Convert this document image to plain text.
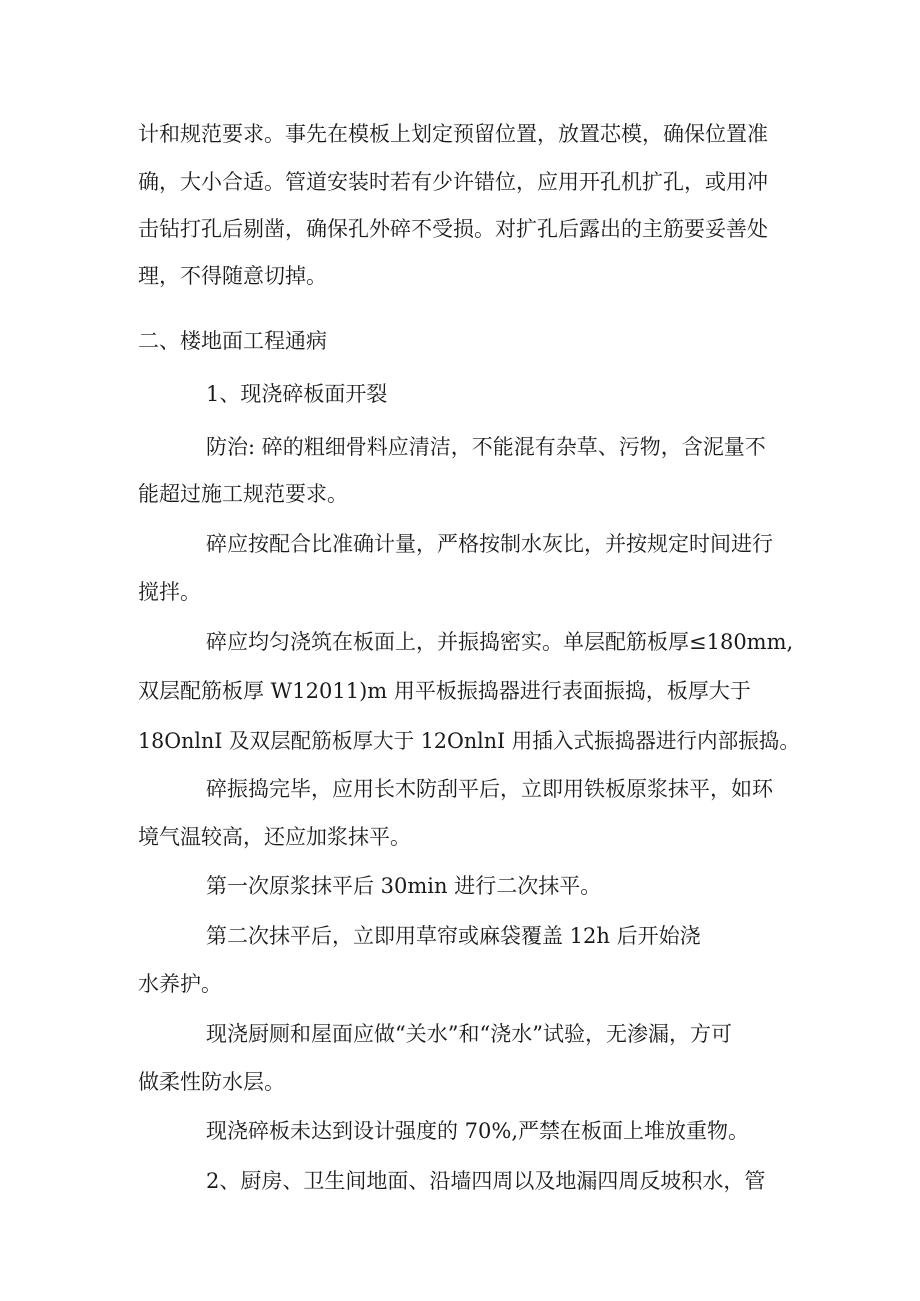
计和规范要求。事先在模板上划定预留位置，放置芯模，确保位置准

确，大小合适。管道安装时若有少许错位，应用开孔机扩孔，或用冲

击钻打孔后剔凿，确保孔外碎不受损。对扩孔后露出的主筋要妥善处

理，不得随意切掉。

二、楼地面工程通病

1、现浇碎板面开裂

防治: 碎的粗细骨料应清洁，不能混有杂草、污物，含泥量不

能超过施工规范要求。

碎应按配合比准确计量，严格按制水灰比，并按规定时间进行

搅拌。

碎应均匀浇筑在板面上，并振捣密实。单层配筋板厚≤180mm,

双层配筋板厚 W12011)m 用平板振捣器进行表面振捣，板厚大于

18OnlnI 及双层配筋板厚大于 12OnlnI 用插入式振捣器进行内部振捣。

碎振捣完毕，应用长木防刮平后，立即用铁板原浆抹平，如环

境气温较高，还应加浆抹平。

第一次原浆抹平后 30min 进行二次抹平。

第二次抹平后，立即用草帘或麻袋覆盖 12h 后开始浇

水养护。

现浇厨厕和屋面应做“关水”和“浇水”试验，无渗漏，方可

做柔性防水层。

现浇碎板未达到设计强度的 70%,严禁在板面上堆放重物。

2、厨房、卫生间地面、沿墙四周以及地漏四周反坡积水，管
